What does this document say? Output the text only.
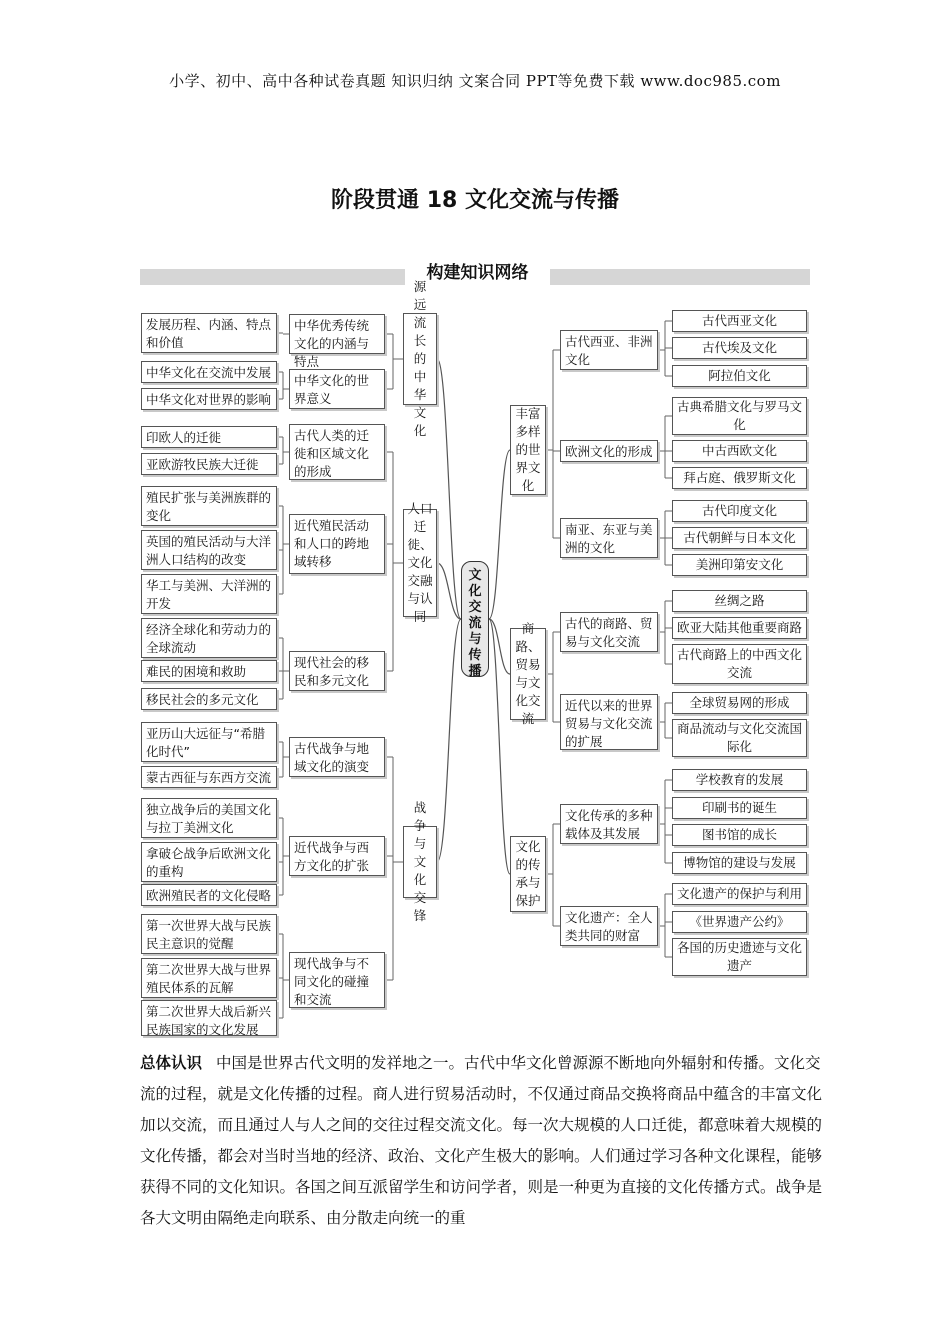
小学、初中、高中各种试卷真题 知识归纳 文案合同 PPT等免费下载 www.doc985.com
阶段贯通 18 文化交流与传播
构建知识网络
文化交流与传播
源远流长的中华文化
人口迁徙、文化交融与认同
战争与文化交锋
中华优秀传统文化的内涵与特点
中华文化的世界意义
古代人类的迁徙和区域文化的形成
近代殖民活动和人口的跨地域转移
现代社会的移民和多元文化
古代战争与地域文化的演变
近代战争与西方文化的扩张
现代战争与不同文化的碰撞和交流
发展历程、内涵、特点和价值
中华文化在交流中发展
中华文化对世界的影响
印欧人的迁徙
亚欧游牧民族大迁徙
殖民扩张与美洲族群的变化
英国的殖民活动与大洋洲人口结构的改变
华工与美洲、大洋洲的开发
经济全球化和劳动力的全球流动
难民的困境和救助
移民社会的多元文化
亚历山大远征与“希腊化时代”
蒙古西征与东西方交流
独立战争后的美国文化与拉丁美洲文化
拿破仑战争后欧洲文化的重构
欧洲殖民者的文化侵略
第一次世界大战与民族民主意识的觉醒
第二次世界大战与世界殖民体系的瓦解
第二次世界大战后新兴民族国家的文化发展
丰富多样的世界文化
商路、贸易与文化交流
文化的传承与保护
古代西亚、非洲文化
欧洲文化的形成
南亚、东亚与美洲的文化
古代的商路、贸易与文化交流
近代以来的世界贸易与文化交流的扩展
文化传承的多种载体及其发展
文化遗产：全人类共同的财富
古代西亚文化
古代埃及文化
阿拉伯文化
古典希腊文化与罗马文化
中古西欧文化
拜占庭、俄罗斯文化
古代印度文化
古代朝鲜与日本文化
美洲印第安文化
丝绸之路
欧亚大陆其他重要商路
古代商路上的中西文化交流
全球贸易网的形成
商品流动与文化交流国际化
学校教育的发展
印刷书的诞生
图书馆的成长
博物馆的建设与发展
文化遗产的保护与利用
《世界遗产公约》
各国的历史遗迹与文化遗产
总体认识 中国是世界古代文明的发祥地之一。古代中华文化曾源源不断地向外辐射和传播。文化交流的过程，就是文化传播的过程。商人进行贸易活动时，不仅通过商品交换将商品中蕴含的丰富文化加以交流，而且通过人与人之间的交往过程交流文化。每一次大规模的人口迁徙，都意味着大规模的文化传播，都会对当时当地的经济、政治、文化产生极大的影响。人们通过学习各种文化课程，能够获得不同的文化知识。各国之间互派留学生和访问学者，则是一种更为直接的文化传播方式。战争是各大文明由隔绝走向联系、由分散走向统一的重
